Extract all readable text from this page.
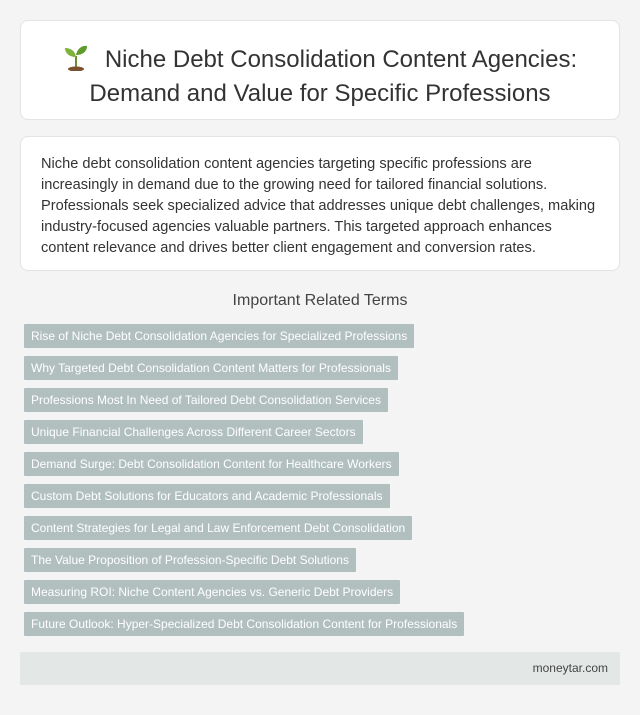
Niche Debt Consolidation Content Agencies: Demand and Value for Specific Professions

Niche debt consolidation content agencies targeting specific professions are increasingly in demand due to the growing need for tailored financial solutions. Professionals seek specialized advice that addresses unique debt challenges, making industry-focused agencies valuable partners. This targeted approach enhances content relevance and drives better client engagement and conversion rates.

Important Related Terms
Rise of Niche Debt Consolidation Agencies for Specialized Professions
Why Targeted Debt Consolidation Content Matters for Professionals
Professions Most In Need of Tailored Debt Consolidation Services
Unique Financial Challenges Across Different Career Sectors
Demand Surge: Debt Consolidation Content for Healthcare Workers
Custom Debt Solutions for Educators and Academic Professionals
Content Strategies for Legal and Law Enforcement Debt Consolidation
The Value Proposition of Profession-Specific Debt Solutions
Measuring ROI: Niche Content Agencies vs. Generic Debt Providers
Future Outlook: Hyper-Specialized Debt Consolidation Content for Professionals
moneytar.com
